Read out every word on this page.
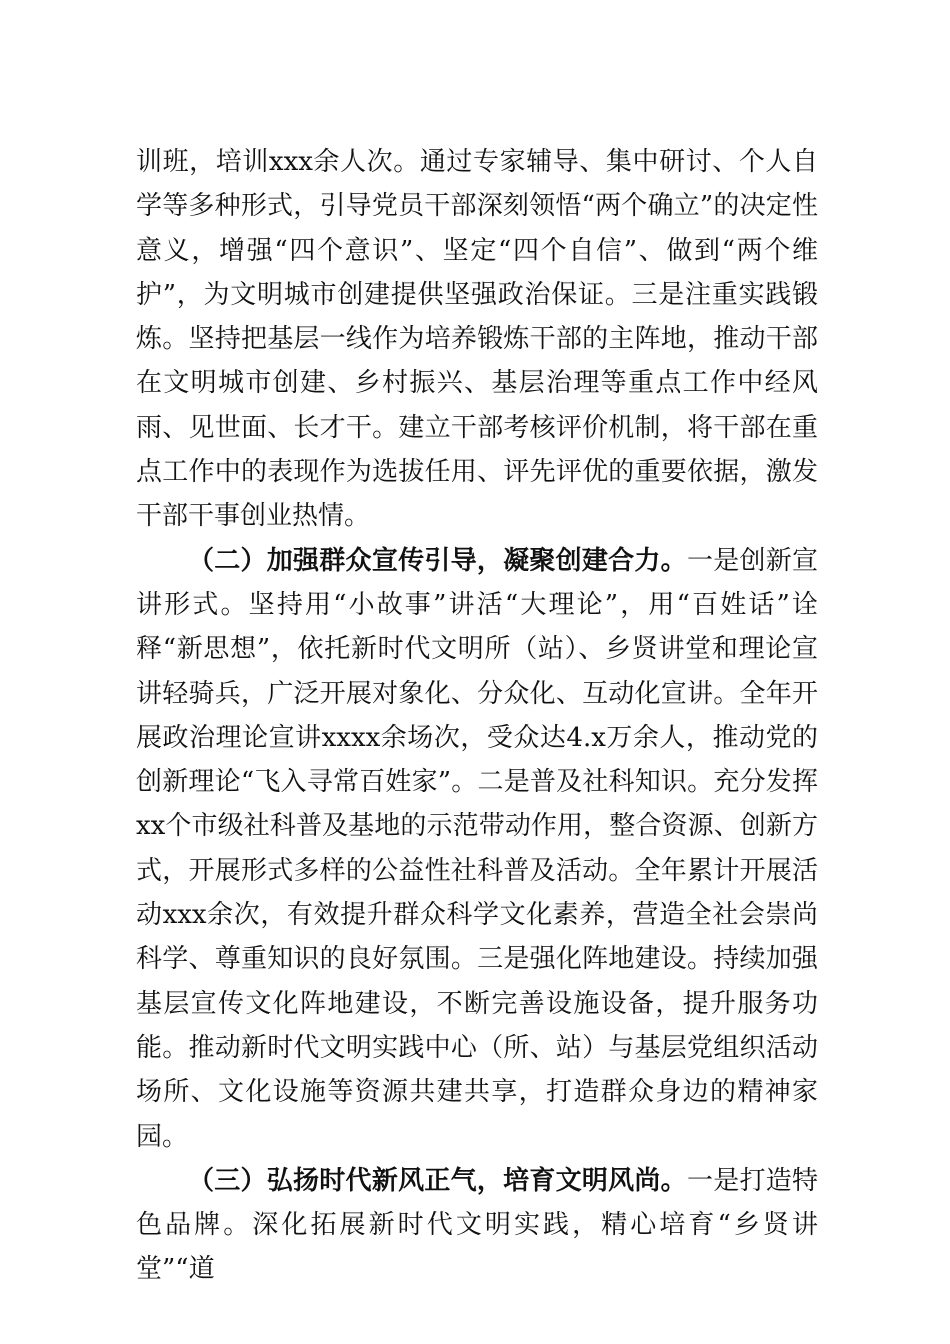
训班，培训xxx余人次。通过专家辅导、集中研讨、个人自学等多种形式，引导党员干部深刻领悟“两个确立”的决定性意义，增强“四个意识”、坚定“四个自信”、做到“两个维护”，为文明城市创建提供坚强政治保证。三是注重实践锻炼。坚持把基层一线作为培养锻炼干部的主阵地，推动干部在文明城市创建、乡村振兴、基层治理等重点工作中经风雨、见世面、长才干。建立干部考核评价机制，将干部在重点工作中的表现作为选拔任用、评先评优的重要依据，激发干部干事创业热情。

（二）加强群众宣传引导，凝聚创建合力。一是创新宣讲形式。坚持用“小故事”讲活“大理论”，用“百姓话”诠释“新思想”，依托新时代文明所（站）、乡贤讲堂和理论宣讲轻骑兵，广泛开展对象化、分众化、互动化宣讲。全年开展政治理论宣讲xxxx余场次，受众达4.x万余人，推动党的创新理论“飞入寻常百姓家”。二是普及社科知识。充分发挥xx个市级社科普及基地的示范带动作用，整合资源、创新方式，开展形式多样的公益性社科普及活动。全年累计开展活动xxx余次，有效提升群众科学文化素养，营造全社会崇尚科学、尊重知识的良好氛围。三是强化阵地建设。持续加强基层宣传文化阵地建设，不断完善设施设备，提升服务功能。推动新时代文明实践中心（所、站）与基层党组织活动场所、文化设施等资源共建共享，打造群众身边的精神家园。

（三）弘扬时代新风正气，培育文明风尚。一是打造特色品牌。深化拓展新时代文明实践，精心培育“乡贤讲堂”“道
